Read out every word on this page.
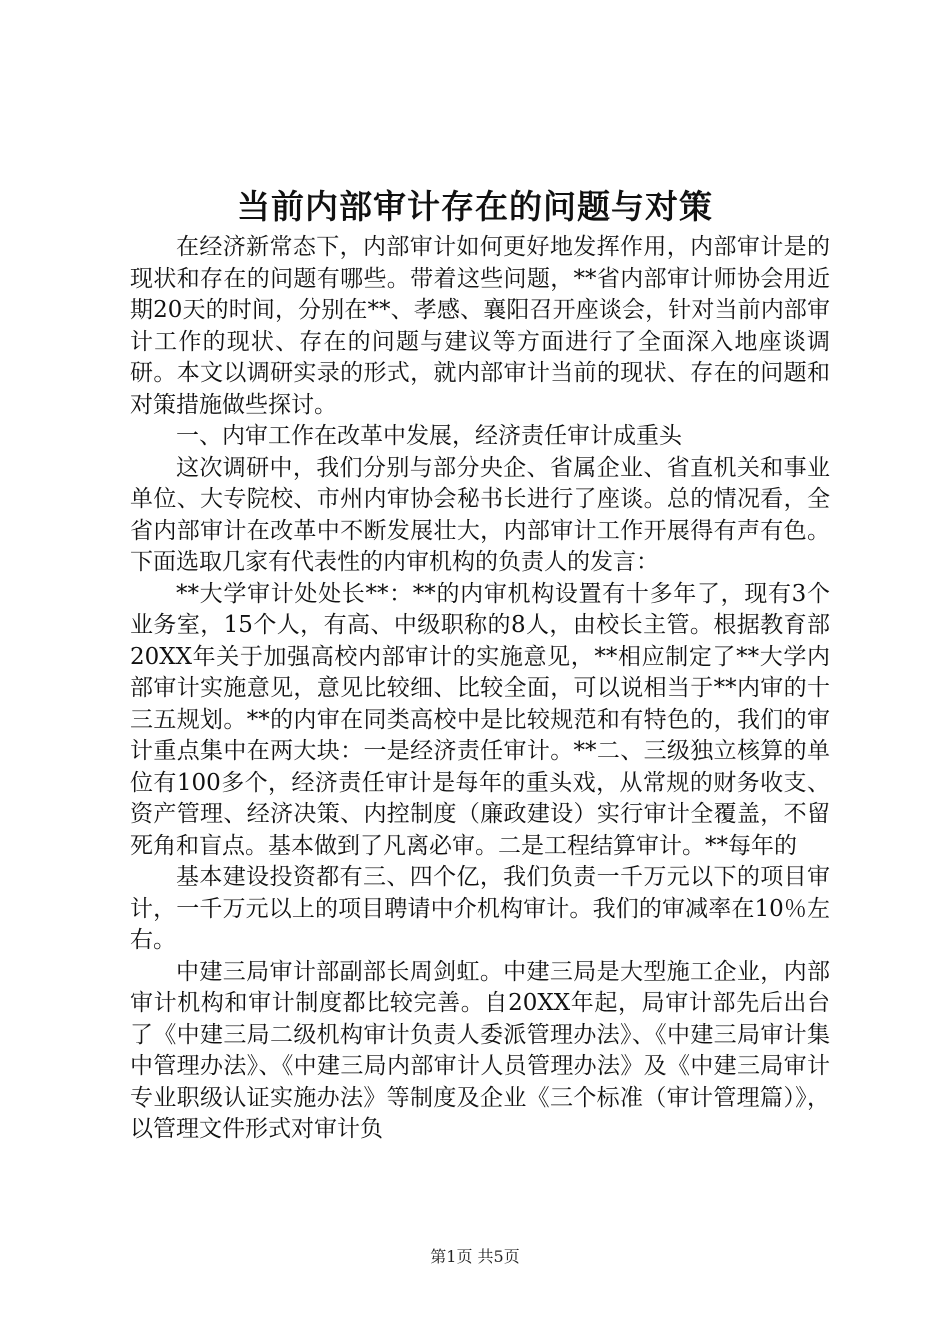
当前内部审计存在的问题与对策

在经济新常态下，内部审计如何更好地发挥作用，内部审计是的现状和存在的问题有哪些。带着这些问题，**省内部审计师协会用近期20天的时间，分别在**、孝感、襄阳召开座谈会，针对当前内部审计工作的现状、存在的问题与建议等方面进行了全面深入地座谈调研。本文以调研实录的形式，就内部审计当前的现状、存在的问题和对策措施做些探讨。

一、内审工作在改革中发展，经济责任审计成重头

这次调研中，我们分别与部分央企、省属企业、省直机关和事业单位、大专院校、市州内审协会秘书长进行了座谈。总的情况看，全省内部审计在改革中不断发展壮大，内部审计工作开展得有声有色。下面选取几家有代表性的内审机构的负责人的发言：

**大学审计处处长**：**的内审机构设置有十多年了，现有3个业务室，15个人，有高、中级职称的8人，由校长主管。根据教育部20XX年关于加强高校内部审计的实施意见，**相应制定了**大学内部审计实施意见，意见比较细、比较全面，可以说相当于**内审的十三五规划。**的内审在同类高校中是比较规范和有特色的，我们的审计重点集中在两大块：一是经济责任审计。**二、三级独立核算的单位有100多个，经济责任审计是每年的重头戏，从常规的财务收支、资产管理、经济决策、内控制度（廉政建设）实行审计全覆盖，不留死角和盲点。基本做到了凡离必审。二是工程结算审计。**每年的

基本建设投资都有三、四个亿，我们负责一千万元以下的项目审计，一千万元以上的项目聘请中介机构审计。我们的审减率在10％左右。

中建三局审计部副部长周剑虹。中建三局是大型施工企业，内部审计机构和审计制度都比较完善。自20XX年起，局审计部先后出台了《中建三局二级机构审计负责人委派管理办法》、《中建三局审计集中管理办法》、《中建三局内部审计人员管理办法》及《中建三局审计专业职级认证实施办法》等制度及企业《三个标准（审计管理篇）》，以管理文件形式对审计负

第1页 共5页
